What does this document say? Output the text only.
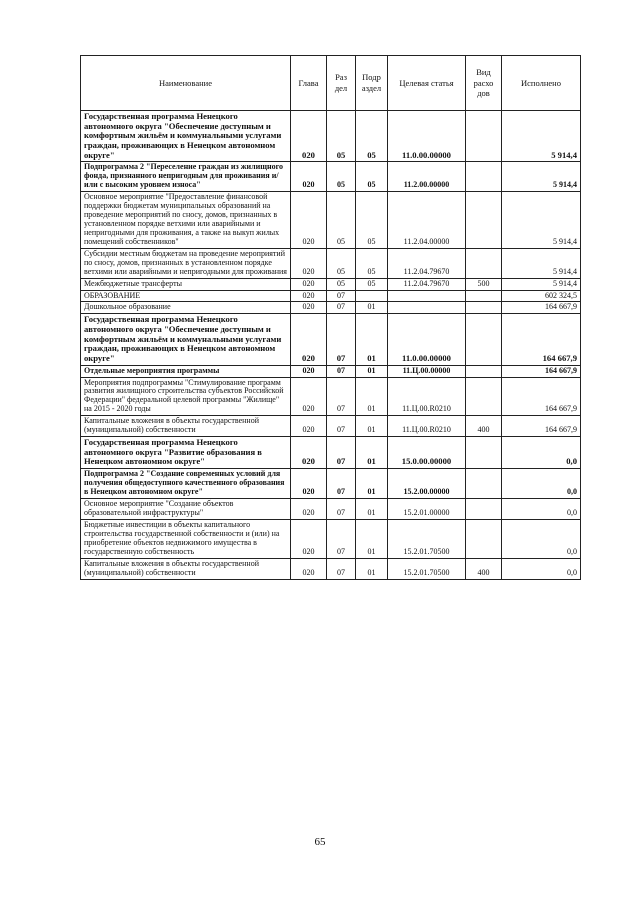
Наименование	Глава	Раз дел	Подр аздел	Целевая статья	Вид расхо дов	Исполнено
Государственная программа Ненецкого автономного округа "Обеспечение доступным и комфортным жильём и коммунальными услугами граждан, проживающих в Ненецком автономном округе"	020	05	05	11.0.00.00000		5 914,4
Подпрограмма 2 "Переселение граждан из жилищного фонда, признанного непригодным для проживания и/или с высоким уровнем износа"	020	05	05	11.2.00.00000		5 914,4
Основное мероприятие "Предоставление финансовой поддержки бюджетам муниципальных образований на проведение мероприятий по сносу, домов, признанных в установленном порядке ветхими или аварийными и непригодными для проживания, а также на выкуп жилых помещений собственников"	020	05	05	11.2.04.00000		5 914,4
Субсидии местным бюджетам на проведение мероприятий по сносу, домов, признанных в установленном порядке ветхими или аварийными и непригодными для проживания	020	05	05	11.2.04.79670		5 914,4
Межбюджетные трансферты	020	05	05	11.2.04.79670	500	5 914,4
ОБРАЗОВАНИЕ	020	07				602 324,5
Дошкольное образование	020	07	01			164 667,9
Государственная программа Ненецкого автономного округа "Обеспечение доступным и комфортным жильём и коммунальными услугами граждан, проживающих в Ненецком автономном округе"	020	07	01	11.0.00.00000		164 667,9
Отдельные мероприятия программы	020	07	01	11.Ц.00.00000		164 667,9
Мероприятия подпрограммы "Стимулирование программ развития жилищного строительства субъектов Российской Федерации" федеральной целевой программы "Жилище" на 2015 - 2020 годы	020	07	01	11.Ц.00.R0210		164 667,9
Капитальные вложения в объекты государственной (муниципальной) собственности	020	07	01	11.Ц.00.R0210	400	164 667,9
Государственная программа Ненецкого автономного округа "Развитие образования в Ненецком автономном округе"	020	07	01	15.0.00.00000		0,0
Подпрограмма 2 "Создание современных условий для получения общедоступного качественного образования в Ненецком автономном округе"	020	07	01	15.2.00.00000		0,0
Основное мероприятие "Создание объектов образовательной инфраструктуры"	020	07	01	15.2.01.00000		0,0
Бюджетные инвестиции в объекты капитального строительства государственной собственности и (или) на приобретение объектов недвижимого имущества в государственную собственность	020	07	01	15.2.01.70500		0,0
Капитальные вложения в объекты государственной (муниципальной) собственности	020	07	01	15.2.01.70500	400	0,0
65
